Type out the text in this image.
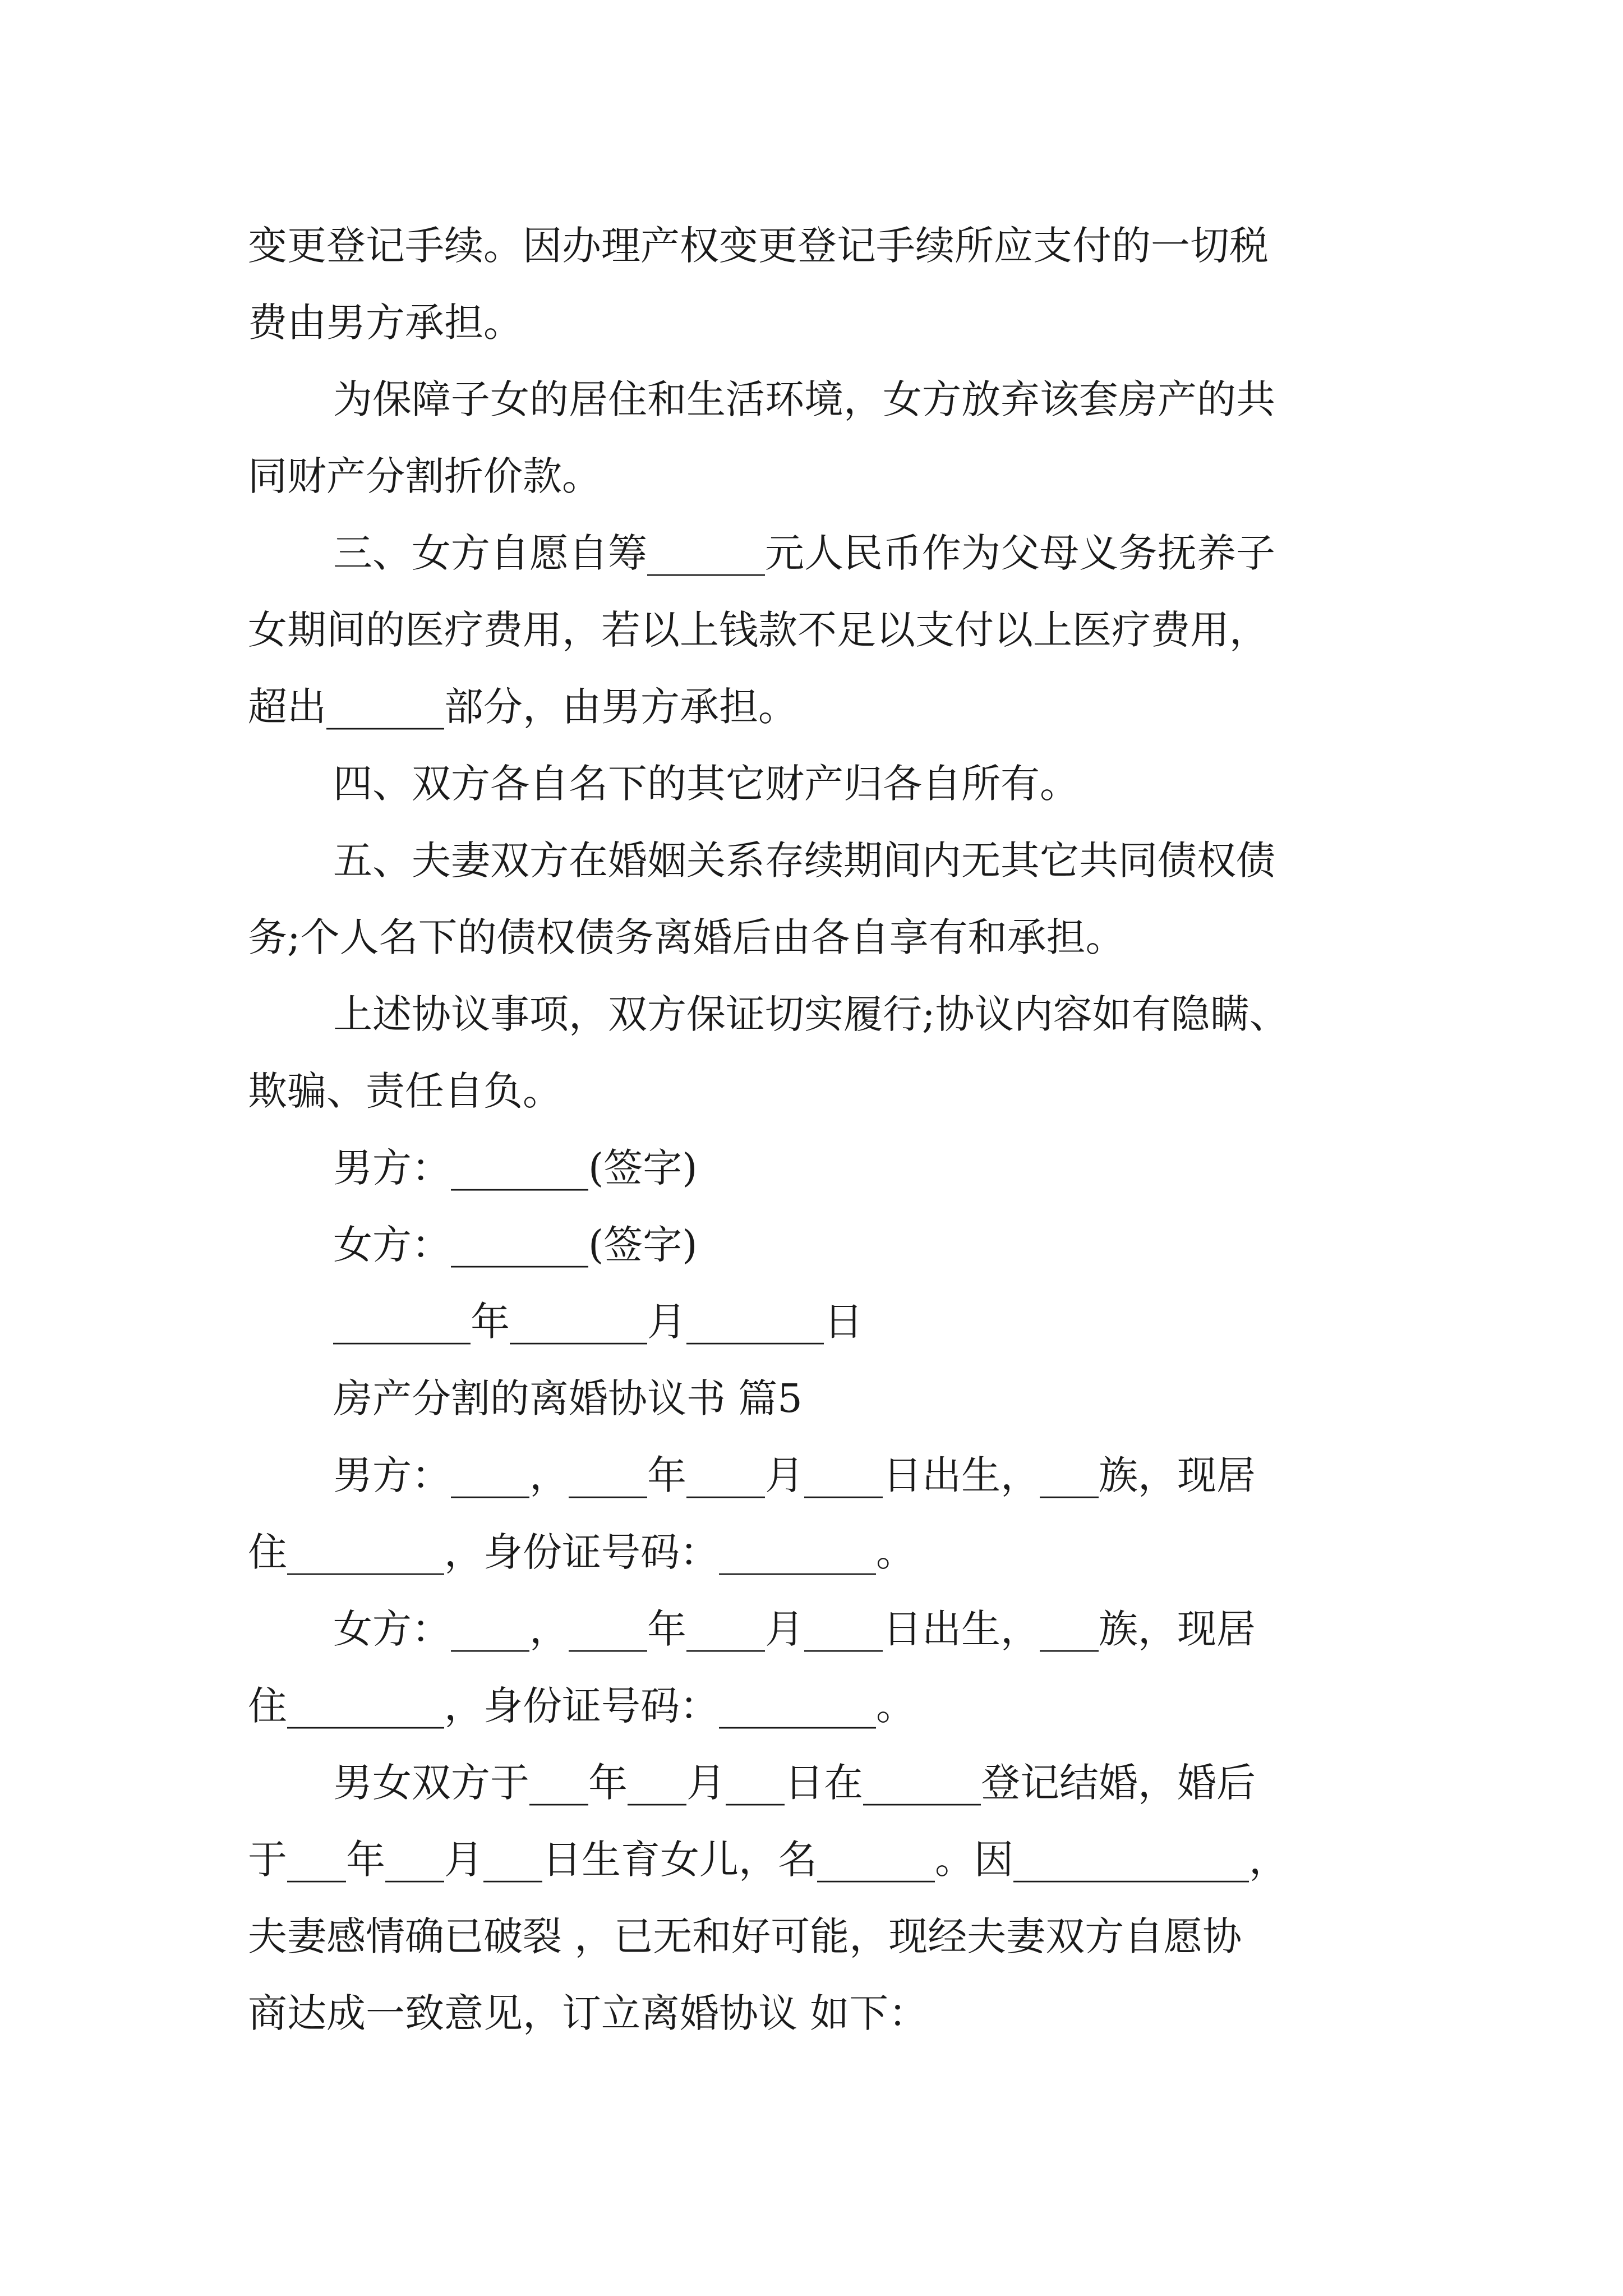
变更登记手续。因办理产权变更登记手续所应支付的一切税

费由男方承担。

为保障子女的居住和生活环境，女方放弃该套房产的共

同财产分割折价款。

三、女方自愿自筹______元人民币作为父母义务抚养子

女期间的医疗费用，若以上钱款不足以支付以上医疗费用，

超出______部分，由男方承担。

四、双方各自名下的其它财产归各自所有。

五、夫妻双方在婚姻关系存续期间内无其它共同债权债

务;个人名下的债权债务离婚后由各自享有和承担。

上述协议事项，双方保证切实履行;协议内容如有隐瞒、

欺骗、责任自负。

男方：_______(签字)

女方：_______(签字)

_______年_______月_______日

房产分割的离婚协议书 篇5

男方：____，____年____月____日出生，___族，现居

住________，身份证号码：________。

女方：____，____年____月____日出生，___族，现居

住________，身份证号码：________。

男女双方于___年___月___日在______登记结婚，婚后

于___年___月___日生育女儿，名______。因____________，

夫妻感情确已破裂 ，已无和好可能，现经夫妻双方自愿协

商达成一致意见，订立离婚协议 如下：
